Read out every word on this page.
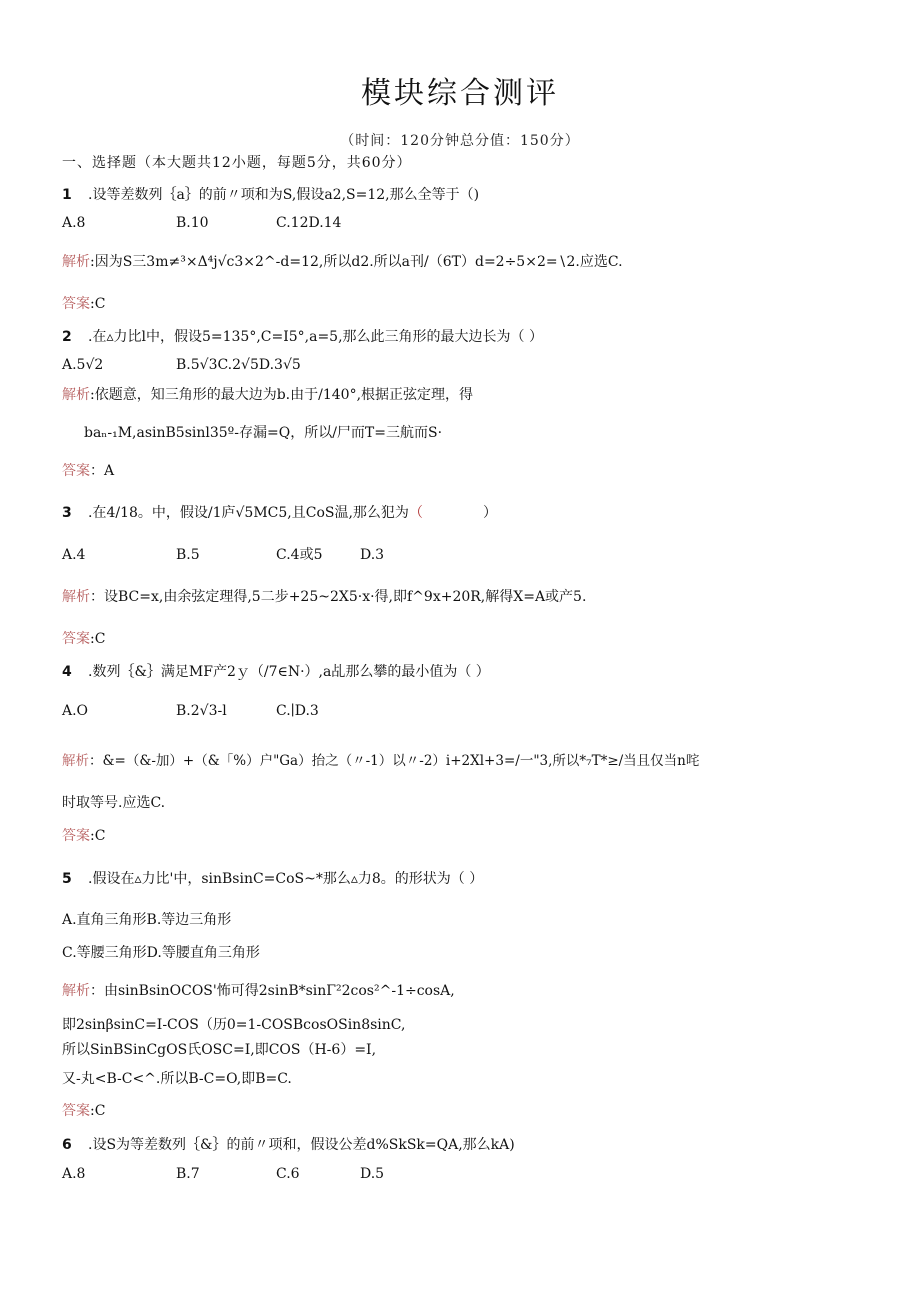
模块综合测评
（时间：120分钟总分值：150分）
一、选择题（本大题共12小题，每题5分，共60分）
1 .设等差数列｛a｝的前〃项和为S,假设a2,S=12,那么全等于（)
A.8	B.10	C.12D.14
解析:因为S三3m≠³×Δ⁴j√c3×2^-d=12,所以d2.所以a刊/（6T）d=2÷5×2=∖2.应选C.
答案:C
2 .在▵力比l中，假设5=135°,C=I5°,a=5,那么此三角形的最大边长为（ ）
A.5√2	B.5√3C.2√5D.3√5
解析:依题意，知三角形的最大边为b.由于/140°,根据正弦定理，得
baₙ-₁M,asinB5sinl35º-存漏=Q，所以/尸而T=三航而S·
答案：A
3 .在4/18。中，假设/1庐√5MC5,且CoS温,那么犯为（	）
A.4	B.5	C.4或5	D.3
解析：设BC=x,由余弦定理得,5二步+25~2X5·x·得,即f^9x+20R,解得X=A或产5.
答案:C
4 .数列｛&｝满足MF产2ｙ（/7∈N·）,a乩那么攀的最小值为（ ）
A.O	B.2√3-l	C.∣D.3
解析：&=（&-加）+（&「%）户"Ga）抬之（〃-1）以〃-2）i+2Xl+3=/一"3,所以*₇T*≥/当且仅当n咤
时取等号.应选C.
答案:C
5 .假设在▵力比'中，sinBsinC=CoS~*那么▵力8。的形状为（ ）
A.直角三角形B.等边三角形
C.等腰三角形D.等腰直角三角形
解析：由sinBsinOCOS'怖可得2sinB*sinΓ²2cos²^-1÷cosA,
即2sinβsinC=I-COS（历0=1-COSBcosOSin8sinC,
所以SinBSinCgOS氏OSC=I,即COS（H-6）=I,
又-丸<B-C<^.所以B-C=O,即B=C.
答案:C
6 .设S为等差数列｛&｝的前〃项和，假设公差d%SkSk=QA,那么kA)
A.8	B.7	C.6	D.5
